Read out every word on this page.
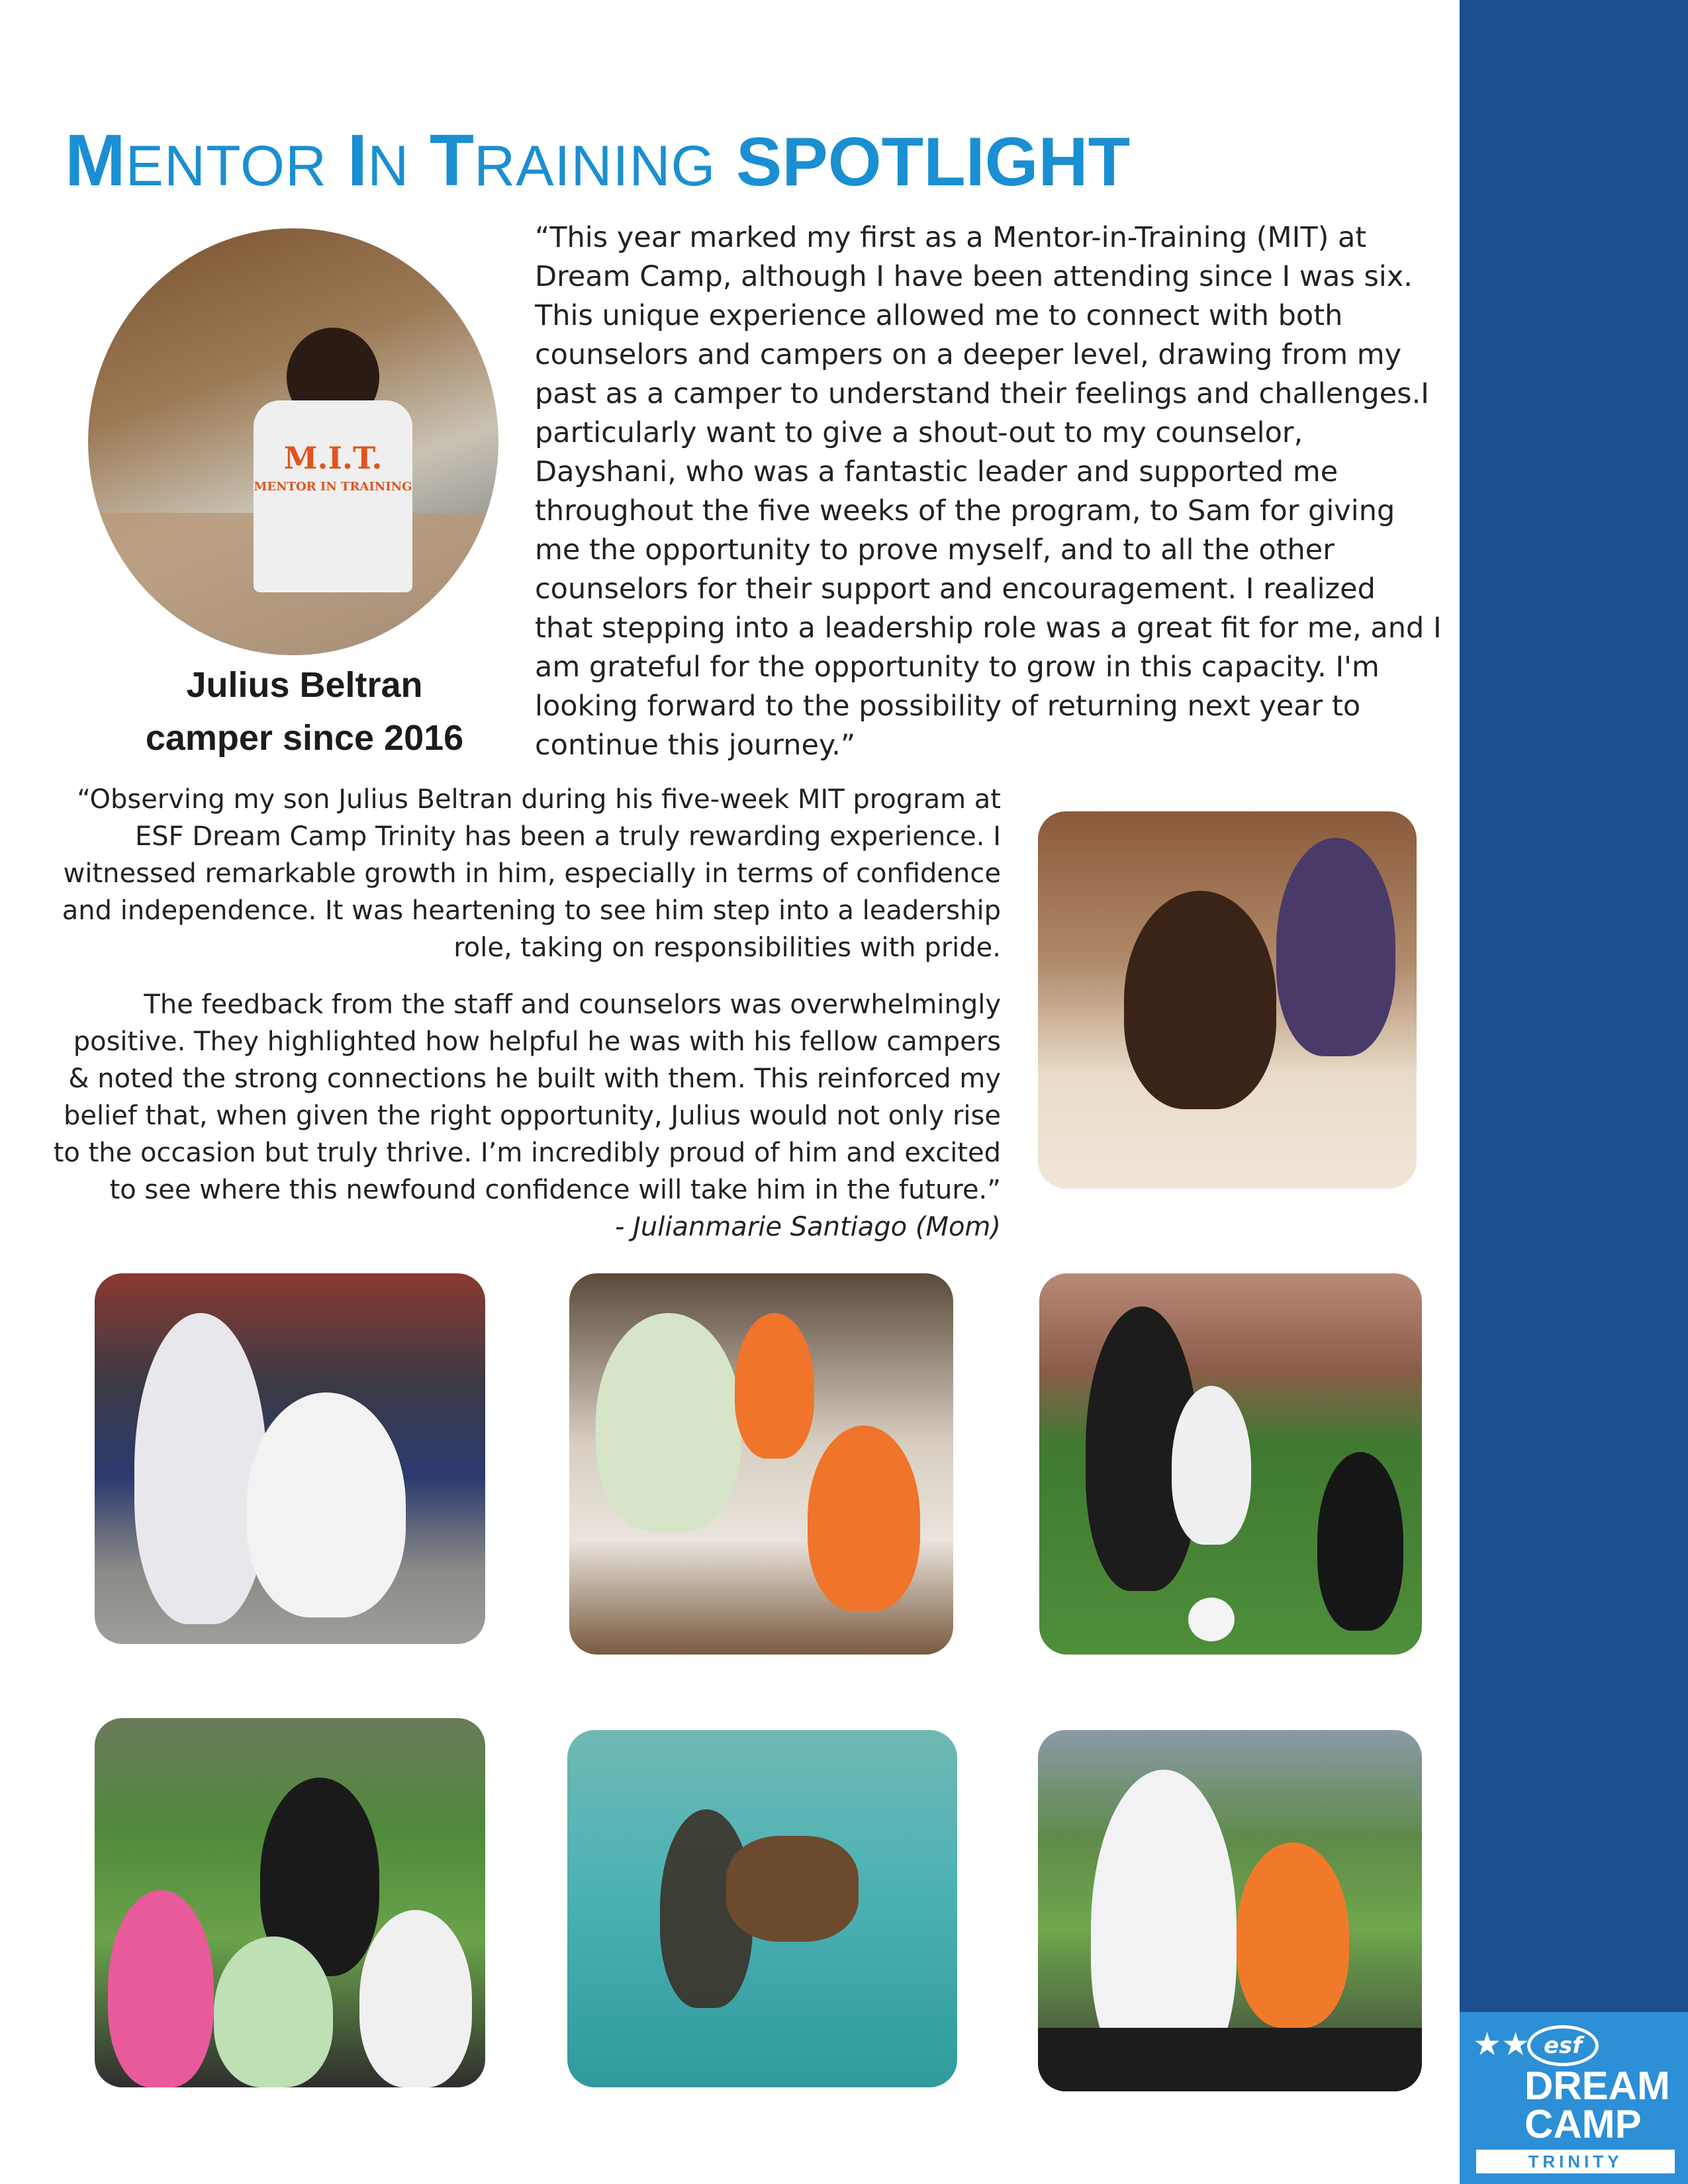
★★ esf
DREAM
CAMP
TRINITY
MENTOR IN TRAINING SPOTLIGHT
M.I.T.
MENTOR IN TRAINING
Julius Beltran
camper since 2016

“This year marked my first as a Mentor-in-Training (MIT) at Dream Camp, although I have been attending since I was six. This unique experience allowed me to connect with both counselors and campers on a deeper level, drawing from my past as a camper to understand their feelings and challenges.I particularly want to give a shout-out to my counselor, Dayshani, who was a fantastic leader and supported me throughout the five weeks of the program, to Sam for giving me the opportunity to prove myself, and to all the other counselors for their support and encouragement. I realized that stepping into a leadership role was a great fit for me, and I am grateful for the opportunity to grow in this capacity. I'm looking forward to the possibility of returning next year to continue this journey.”

“Observing my son Julius Beltran during his five-week MIT program at ESF Dream Camp Trinity has been a truly rewarding experience. I witnessed remarkable growth in him, especially in terms of confidence and independence. It was heartening to see him step into a leadership role, taking on responsibilities with pride.

The feedback from the staff and counselors was overwhelmingly positive. They highlighted how helpful he was with his fellow campers & noted the strong connections he built with them. This reinforced my belief that, when given the right opportunity, Julius would not only rise to the occasion but truly thrive. I’m incredibly proud of him and excited to see where this newfound confidence will take him in the future.”

- Julianmarie Santiago (Mom)
